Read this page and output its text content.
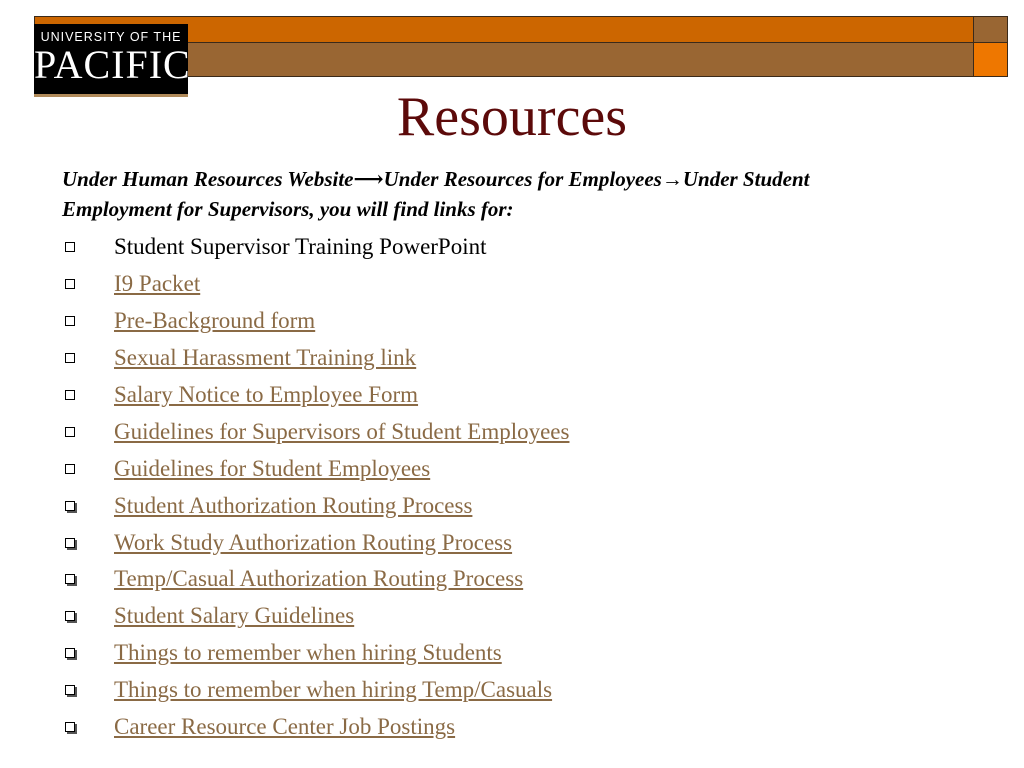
UNIVERSITY OF THE
PACIFIC
Resources
Under Human Resources Website⟶Under Resources for Employees→Under Student Employment for Supervisors, you will find links for:
Student Supervisor Training PowerPoint
I9 Packet
Pre-Background form
Sexual Harassment Training link
Salary Notice to Employee Form
Guidelines for Supervisors of Student Employees
Guidelines for Student Employees
Student Authorization Routing Process
Work Study Authorization Routing Process
Temp/Casual Authorization Routing Process
Student Salary Guidelines
Things to remember when hiring Students
Things to remember when hiring Temp/Casuals
Career Resource Center Job Postings
